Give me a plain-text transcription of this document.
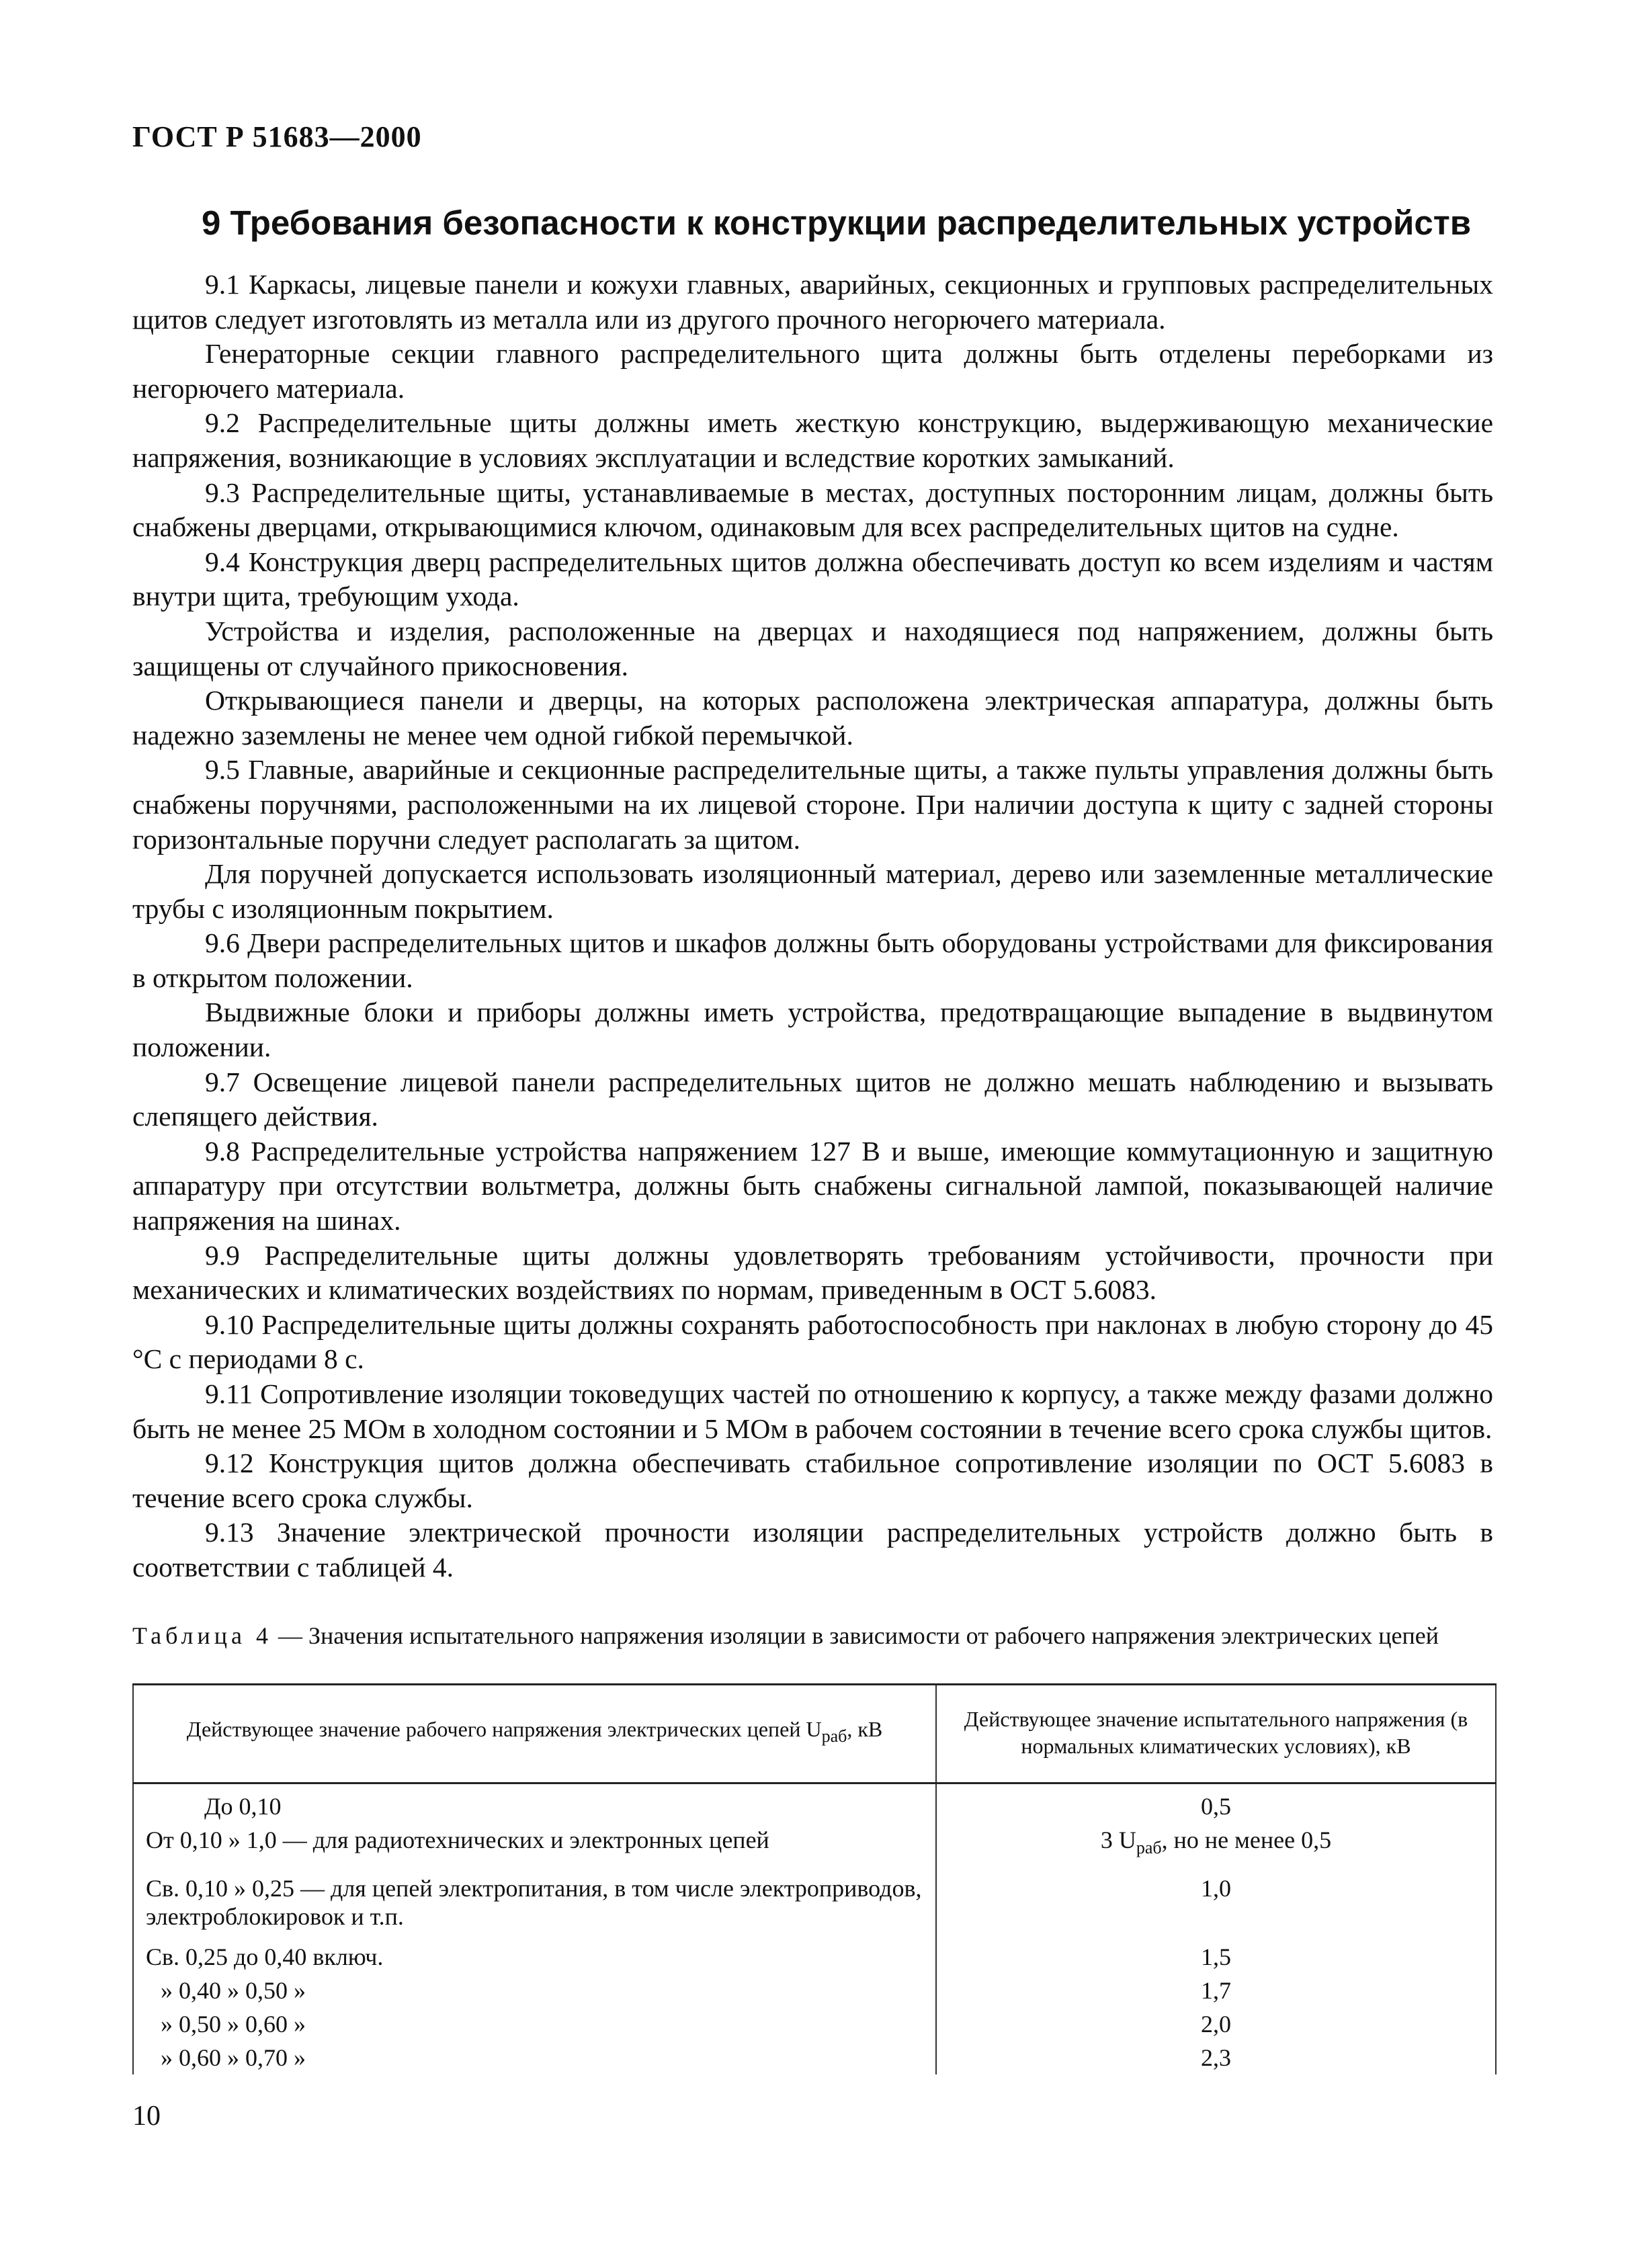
ГОСТ Р 51683—2000
9 Требования безопасности к конструкции распределительных устройств

9.1 Каркасы, лицевые панели и кожухи главных, аварийных, секционных и групповых распределительных щитов следует изготовлять из металла или из другого прочного негорючего материала.

Генераторные секции главного распределительного щита должны быть отделены переборками из негорючего материала.

9.2 Распределительные щиты должны иметь жесткую конструкцию, выдерживающую механические напряжения, возникающие в условиях эксплуатации и вследствие коротких замыканий.

9.3 Распределительные щиты, устанавливаемые в местах, доступных посторонним лицам, должны быть снабжены дверцами, открывающимися ключом, одинаковым для всех распределительных щитов на судне.

9.4 Конструкция дверц распределительных щитов должна обеспечивать доступ ко всем изделиям и частям внутри щита, требующим ухода.

Устройства и изделия, расположенные на дверцах и находящиеся под напряжением, должны быть защищены от случайного прикосновения.

Открывающиеся панели и дверцы, на которых расположена электрическая аппаратура, должны быть надежно заземлены не менее чем одной гибкой перемычкой.

9.5 Главные, аварийные и секционные распределительные щиты, а также пульты управления должны быть снабжены поручнями, расположенными на их лицевой стороне. При наличии доступа к щиту с задней стороны горизонтальные поручни следует располагать за щитом.

Для поручней допускается использовать изоляционный материал, дерево или заземленные металлические трубы с изоляционным покрытием.

9.6 Двери распределительных щитов и шкафов должны быть оборудованы устройствами для фиксирования в открытом положении.

Выдвижные блоки и приборы должны иметь устройства, предотвращающие выпадение в выдвинутом положении.

9.7 Освещение лицевой панели распределительных щитов не должно мешать наблюдению и вызывать слепящего действия.

9.8 Распределительные устройства напряжением 127 В и выше, имеющие коммутационную и защитную аппаратуру при отсутствии вольтметра, должны быть снабжены сигнальной лампой, показывающей наличие напряжения на шинах.

9.9 Распределительные щиты должны удовлетворять требованиям устойчивости, прочности при механических и климатических воздействиях по нормам, приведенным в ОСТ 5.6083.

9.10 Распределительные щиты должны сохранять работоспособность при наклонах в любую сторону до 45 °С с периодами 8 с.

9.11 Сопротивление изоляции токоведущих частей по отношению к корпусу, а также между фазами должно быть не менее 25 МОм в холодном состоянии и 5 МОм в рабочем состоянии в течение всего срока службы щитов.

9.12 Конструкция щитов должна обеспечивать стабильное сопротивление изоляции по ОСТ 5.6083 в течение всего срока службы.

9.13 Значение электрической прочности изоляции распределительных устройств должно быть в соответствии с таблицей 4.

Таблица 4 — Значения испытательного напряжения изоляции в зависимости от рабочего напряжения электрических цепей
Действующее значение рабочего напряжения электрических цепей $U_{раб}$, кВ	Действующее значение испытательного напряжения (в нормальных климатических условиях), кВ
До 0,10	0,5
От 0,10 » 1,0 — для радиотехнических и электронных цепей	3 $U_{раб}$, но не менее 0,5
Св. 0,10 » 0,25 — для цепей электропитания, в том числе электроприводов, электроблокировок и т.п.	1,0
Св. 0,25 до 0,40 включ.	1,5
» 0,40 » 0,50 »	1,7
» 0,50 » 0,60 »	2,0
» 0,60 » 0,70 »	2,3
10
